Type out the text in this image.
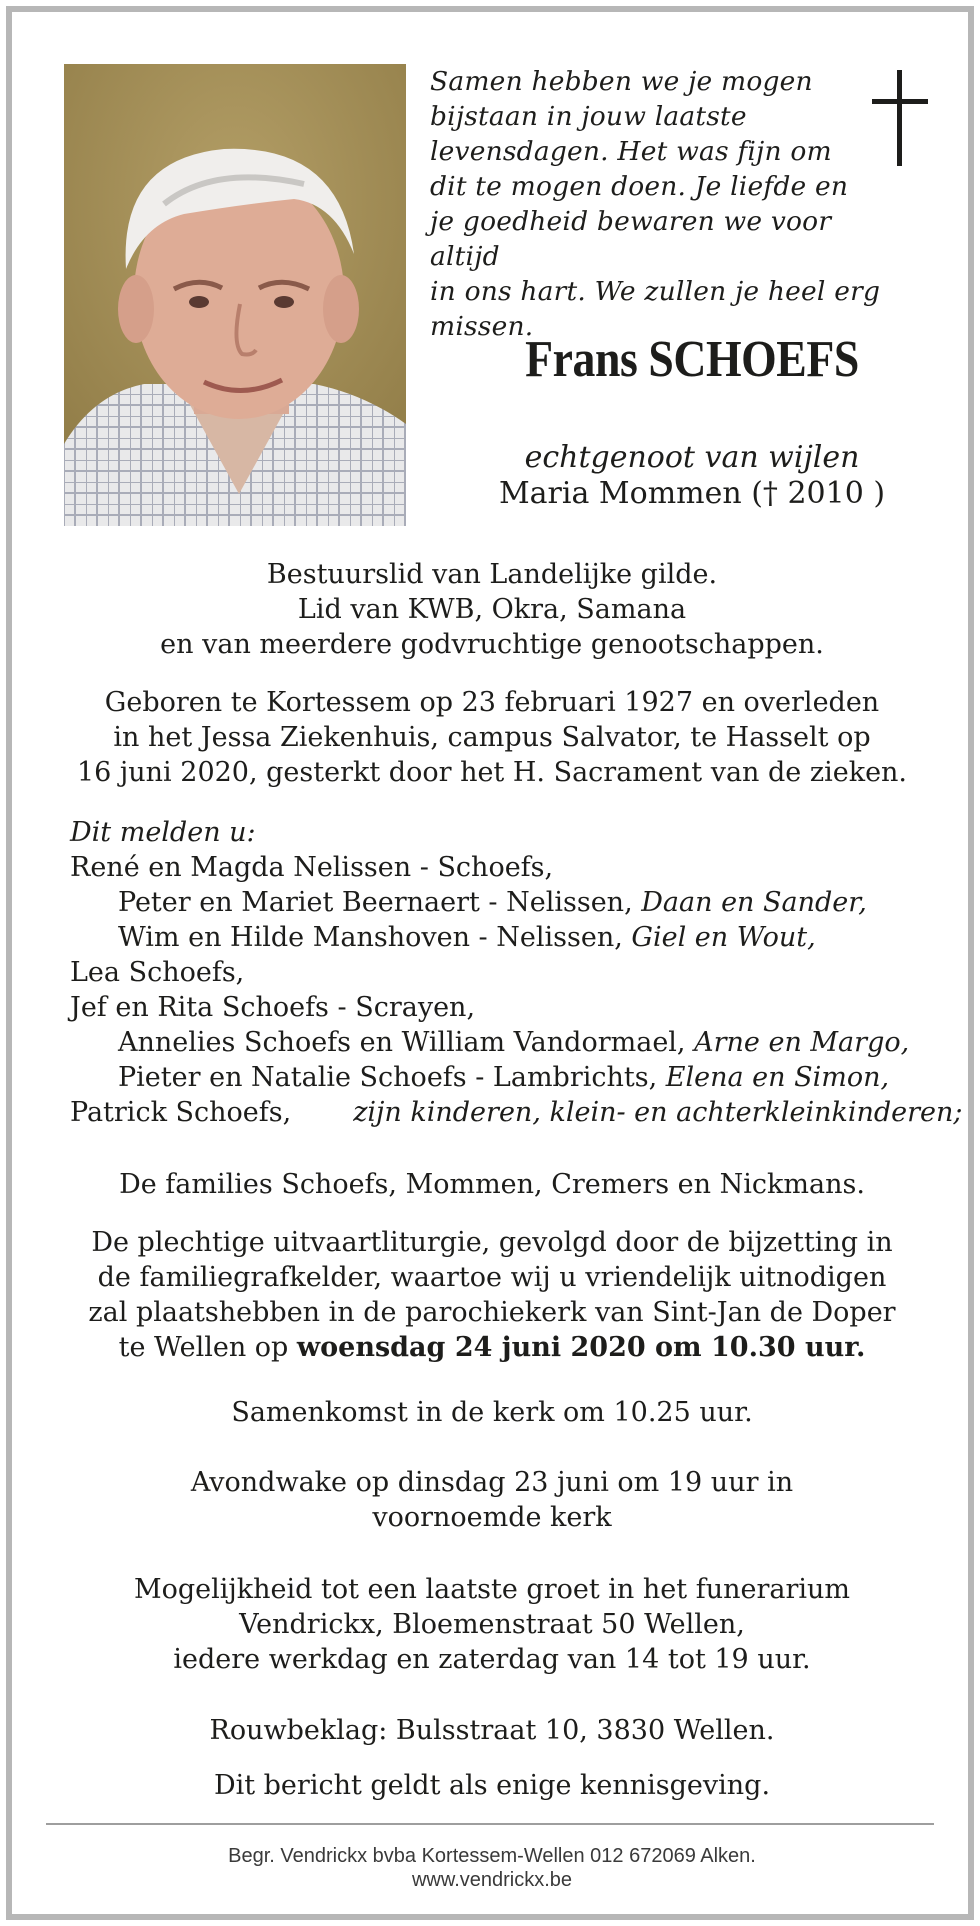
Samen hebben we je mogen
bijstaan in jouw laatste
levensdagen. Het was fijn om
dit te mogen doen. Je liefde en
je goedheid bewaren we voor altijd
in ons hart. We zullen je heel erg
missen.
Frans SCHOEFS
echtgenoot van wijlen
Maria Mommen († 2010 )
Bestuurslid van Landelijke gilde.
Lid van KWB, Okra, Samana
en van meerdere godvruchtige genootschappen.
Geboren te Kortessem op 23 februari 1927 en overleden
in het Jessa Ziekenhuis, campus Salvator, te Hasselt op
16 juni 2020, gesterkt door het H. Sacrament van de zieken.
Dit melden u:
René en Magda Nelissen - Schoefs,
Peter en Mariet Beernaert - Nelissen, Daan en Sander,
Wim en Hilde Manshoven - Nelissen, Giel en Wout,
Lea Schoefs,
Jef en Rita Schoefs - Scrayen,
Annelies Schoefs en William Vandormael, Arne en Margo,
Pieter en Natalie Schoefs - Lambrichts, Elena en Simon,
Patrick Schoefs, zijn kinderen, klein- en achterkleinkinderen;
De families Schoefs, Mommen, Cremers en Nickmans.
De plechtige uitvaartliturgie, gevolgd door de bijzetting in
de familiegrafkelder, waartoe wij u vriendelijk uitnodigen
zal plaatshebben in de parochiekerk van Sint-Jan de Doper
te Wellen op woensdag 24 juni 2020 om 10.30 uur.
Samenkomst in de kerk om 10.25 uur.
Avondwake op dinsdag 23 juni om 19 uur in
voornoemde kerk
Mogelijkheid tot een laatste groet in het funerarium
Vendrickx, Bloemenstraat 50 Wellen,
iedere werkdag en zaterdag van 14 tot 19 uur.
Rouwbeklag: Bulsstraat 10, 3830 Wellen.
Dit bericht geldt als enige kennisgeving.
Begr. Vendrickx bvba Kortessem-Wellen 012 672069 Alken.
www.vendrickx.be
